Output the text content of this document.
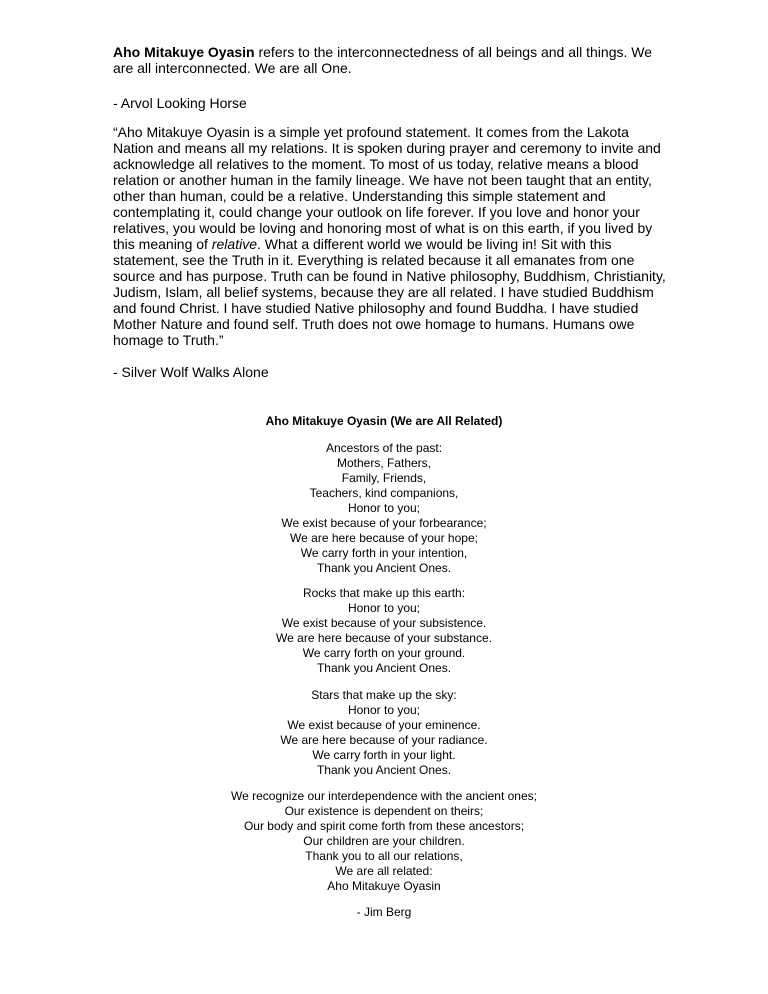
Aho Mitakuye Oyasin refers to the interconnectedness of all beings and all things. We are all interconnected. We are all One.

- Arvol Looking Horse

“Aho Mitakuye Oyasin is a simple yet profound statement. It comes from the Lakota Nation and means all my relations. It is spoken during prayer and ceremony to invite and acknowledge all relatives to the moment. To most of us today, relative means a blood relation or another human in the family lineage. We have not been taught that an entity, other than human, could be a relative. Understanding this simple statement and contemplating it, could change your outlook on life forever. If you love and honor your relatives, you would be loving and honoring most of what is on this earth, if you lived by this meaning of relative. What a different world we would be living in! Sit with this statement, see the Truth in it. Everything is related because it all emanates from one source and has purpose. Truth can be found in Native philosophy, Buddhism, Christianity, Judism, Islam, all belief systems, because they are all related. I have studied Buddhism and found Christ. I have studied Native philosophy and found Buddha. I have studied Mother Nature and found self. Truth does not owe homage to humans. Humans owe homage to Truth.”

- Silver Wolf Walks Alone

Aho Mitakuye Oyasin (We are All Related)
Ancestors of the past:
Mothers, Fathers,
Family, Friends,
Teachers, kind companions,
Honor to you;
We exist because of your forbearance;
We are here because of your hope;
We carry forth in your intention,
Thank you Ancient Ones.
Rocks that make up this earth:
Honor to you;
We exist because of your subsistence.
We are here because of your substance.
We carry forth on your ground.
Thank you Ancient Ones.
Stars that make up the sky:
Honor to you;
We exist because of your eminence.
We are here because of your radiance.
We carry forth in your light.
Thank you Ancient Ones.
We recognize our interdependence with the ancient ones;
Our existence is dependent on theirs;
Our body and spirit come forth from these ancestors;
Our children are your children.
Thank you to all our relations,
We are all related:
Aho Mitakuye Oyasin
- Jim Berg
